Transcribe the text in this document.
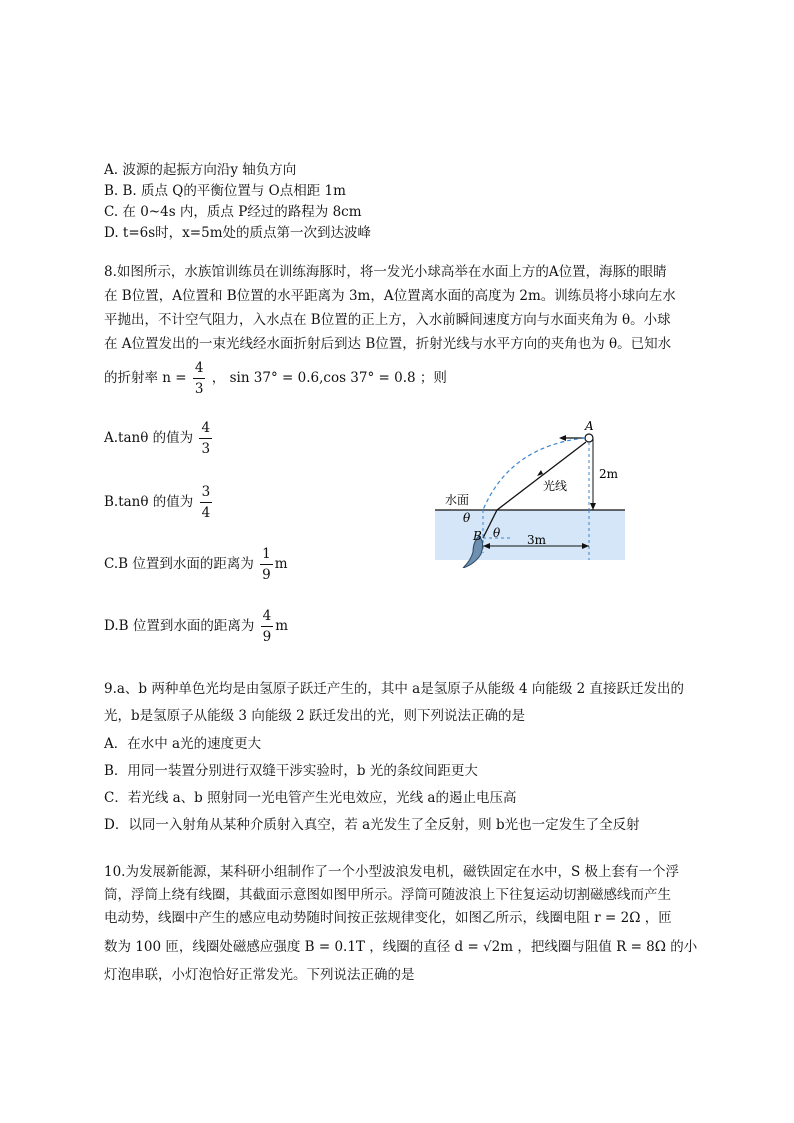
A. 波源的起振方向沿y 轴负方向
B. B. 质点 Q的平衡位置与 O点相距 1m
C. 在 0~4s 内，质点 P经过的路程为 8cm
D. t=6s时，x=5m处的质点第一次到达波峰
8.如图所示，水族馆训练员在训练海豚时，将一发光小球高举在水面上方的A位置，海豚的眼睛
在 B位置，A位置和 B位置的水平距离为 3m，A位置离水面的高度为 2m。训练员将小球向左水
平抛出，不计空气阻力，入水点在 B位置的正上方，入水前瞬间速度方向与水面夹角为 θ。小球
在 A位置发出的一束光线经水面折射后到达 B位置，折射光线与水平方向的夹角也为 θ。已知水
的折射率 $n = \frac{4}{3}$ ， sin 37° = 0.6,cos 37° = 0.8 ；则
A.tanθ 的值为 $\frac{4}{3}$
B.tanθ 的值为 $\frac{3}{4}$
C.B 位置到水面的距离为 $\frac{1}{9}$ m
D.B 位置到水面的距离为 $\frac{4}{9}$ m
A
2m
光线
水面
θ
θ
B	3m
9.a、b 两种单色光均是由氢原子跃迁产生的，其中 a是氢原子从能级 4 向能级 2 直接跃迁发出的
光，b是氢原子从能级 3 向能级 2 跃迁发出的光，则下列说法正确的是
A．在水中 a光的速度更大
B．用同一装置分别进行双缝干涉实验时，b 光的条纹间距更大
C．若光线 a、b 照射同一光电管产生光电效应，光线 a的遏止电压高
D．以同一入射角从某种介质射入真空，若 a光发生了全反射，则 b光也一定发生了全反射
10.为发展新能源，某科研小组制作了一个小型波浪发电机，磁铁固定在水中，S 极上套有一个浮
筒，浮筒上绕有线圈，其截面示意图如图甲所示。浮筒可随波浪上下往复运动切割磁感线而产生
电动势，线圈中产生的感应电动势随时间按正弦规律变化，如图乙所示，线圈电阻 r = 2Ω ，匝
数为 100 匝，线圈处磁感应强度 B = 0.1T ，线圈的直径 d = √2m ，把线圈与阻值 R = 8Ω 的小
灯泡串联，小灯泡恰好正常发光。下列说法正确的是
